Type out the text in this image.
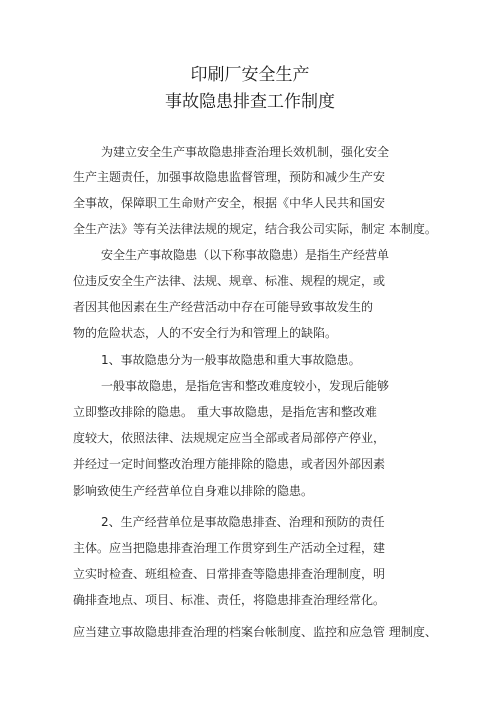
印刷厂安全生产
事故隐患排查工作制度
为建立安全生产事故隐患排查治理长效机制，强化安全
生产主题责任，加强事故隐患监督管理，预防和减少生产安
全事故，保障职工生命财产安全，根据《中华人民共和国安
全生产法》等有关法律法规的规定，结合我公司实际，制定 本制度。
安全生产事故隐患（以下称事故隐患）是指生产经营单
位违反安全生产法律、法规、规章、标准、规程的规定，或
者因其他因素在生产经营活动中存在可能导致事故发生的
物的危险状态，人的不安全行为和管理上的缺陷。
1、事故隐患分为一般事故隐患和重大事故隐患。
一般事故隐患，是指危害和整改难度较小，发现后能够
立即整改排除的隐患。 重大事故隐患，是指危害和整改难
度较大，依照法律、法规规定应当全部或者局部停产停业，
并经过一定时间整改治理方能排除的隐患，或者因外部因素
影响致使生产经营单位自身难以排除的隐患。
2、生产经营单位是事故隐患排查、治理和预防的责任
主体。应当把隐患排查治理工作贯穿到生产活动全过程，建
立实时检查、班组检查、日常排查等隐患排查治理制度，明
确排查地点、项目、标准、责任，将隐患排查治理经常化。
应当建立事故隐患排查治理的档案台帐制度、监控和应急管 理制度、
